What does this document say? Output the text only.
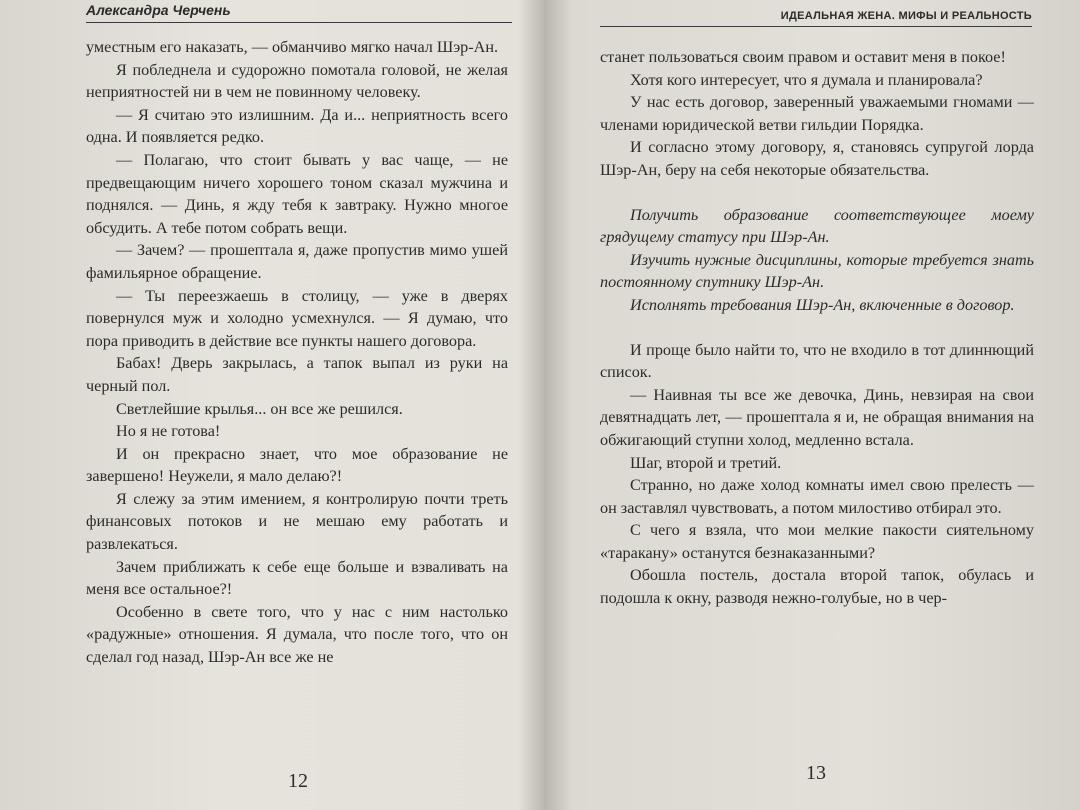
Александра Черчень

уместным его наказать, — обманчиво мягко начал Шэр-Ан.

Я побледнела и судорожно помотала головой, не желая неприятностей ни в чем не повинному человеку.

— Я считаю это излишним. Да и... неприятность всего одна. И появляется редко.

— Полагаю, что стоит бывать у вас чаще, — не предвещающим ничего хорошего тоном сказал мужчина и поднялся. — Динь, я жду тебя к завтраку. Нужно многое обсудить. А тебе потом собрать вещи.

— Зачем? — прошептала я, даже пропустив мимо ушей фамильярное обращение.

— Ты переезжаешь в столицу, — уже в дверях повернулся муж и холодно усмехнулся. — Я думаю, что пора приводить в действие все пункты нашего договора.

Бабах! Дверь закрылась, а тапок выпал из руки на черный пол.

Светлейшие крылья... он все же решился.

Но я не готова!

И он прекрасно знает, что мое образование не завершено! Неужели, я мало делаю?!

Я слежу за этим имением, я контролирую почти треть финансовых потоков и не мешаю ему работать и развлекаться.

Зачем приближать к себе еще больше и взваливать на меня все остальное?!

Особенно в свете того, что у нас с ним настолько «радужные» отношения. Я думала, что после того, что он сделал год назад, Шэр-Ан все же не

12
ИДЕАЛЬНАЯ ЖЕНА. МИФЫ И РЕАЛЬНОСТЬ

станет пользоваться своим правом и оставит меня в покое!

Хотя кого интересует, что я думала и планировала?

У нас есть договор, заверенный уважаемыми гномами — членами юридической ветви гильдии Порядка.

И согласно этому договору, я, становясь супругой лорда Шэр-Ан, беру на себя некоторые обязательства.

Получить образование соответствующее моему грядущему статусу при Шэр-Ан.

Изучить нужные дисциплины, которые требуется знать постоянному спутнику Шэр-Ан.

Исполнять требования Шэр-Ан, включенные в договор.

И проще было найти то, что не входило в тот длиннющий список.

— Наивная ты все же девочка, Динь, невзирая на свои девятнадцать лет, — прошептала я и, не обращая внимания на обжигающий ступни холод, медленно встала.

Шаг, второй и третий.

Странно, но даже холод комнаты имел свою прелесть — он заставлял чувствовать, а потом милостиво отбирал это.

С чего я взяла, что мои мелкие пакости сиятельному «таракану» останутся безнаказанными?

Обошла постель, достала второй тапок, обулась и подошла к окну, разводя нежно-голубые, но в чер-

13
